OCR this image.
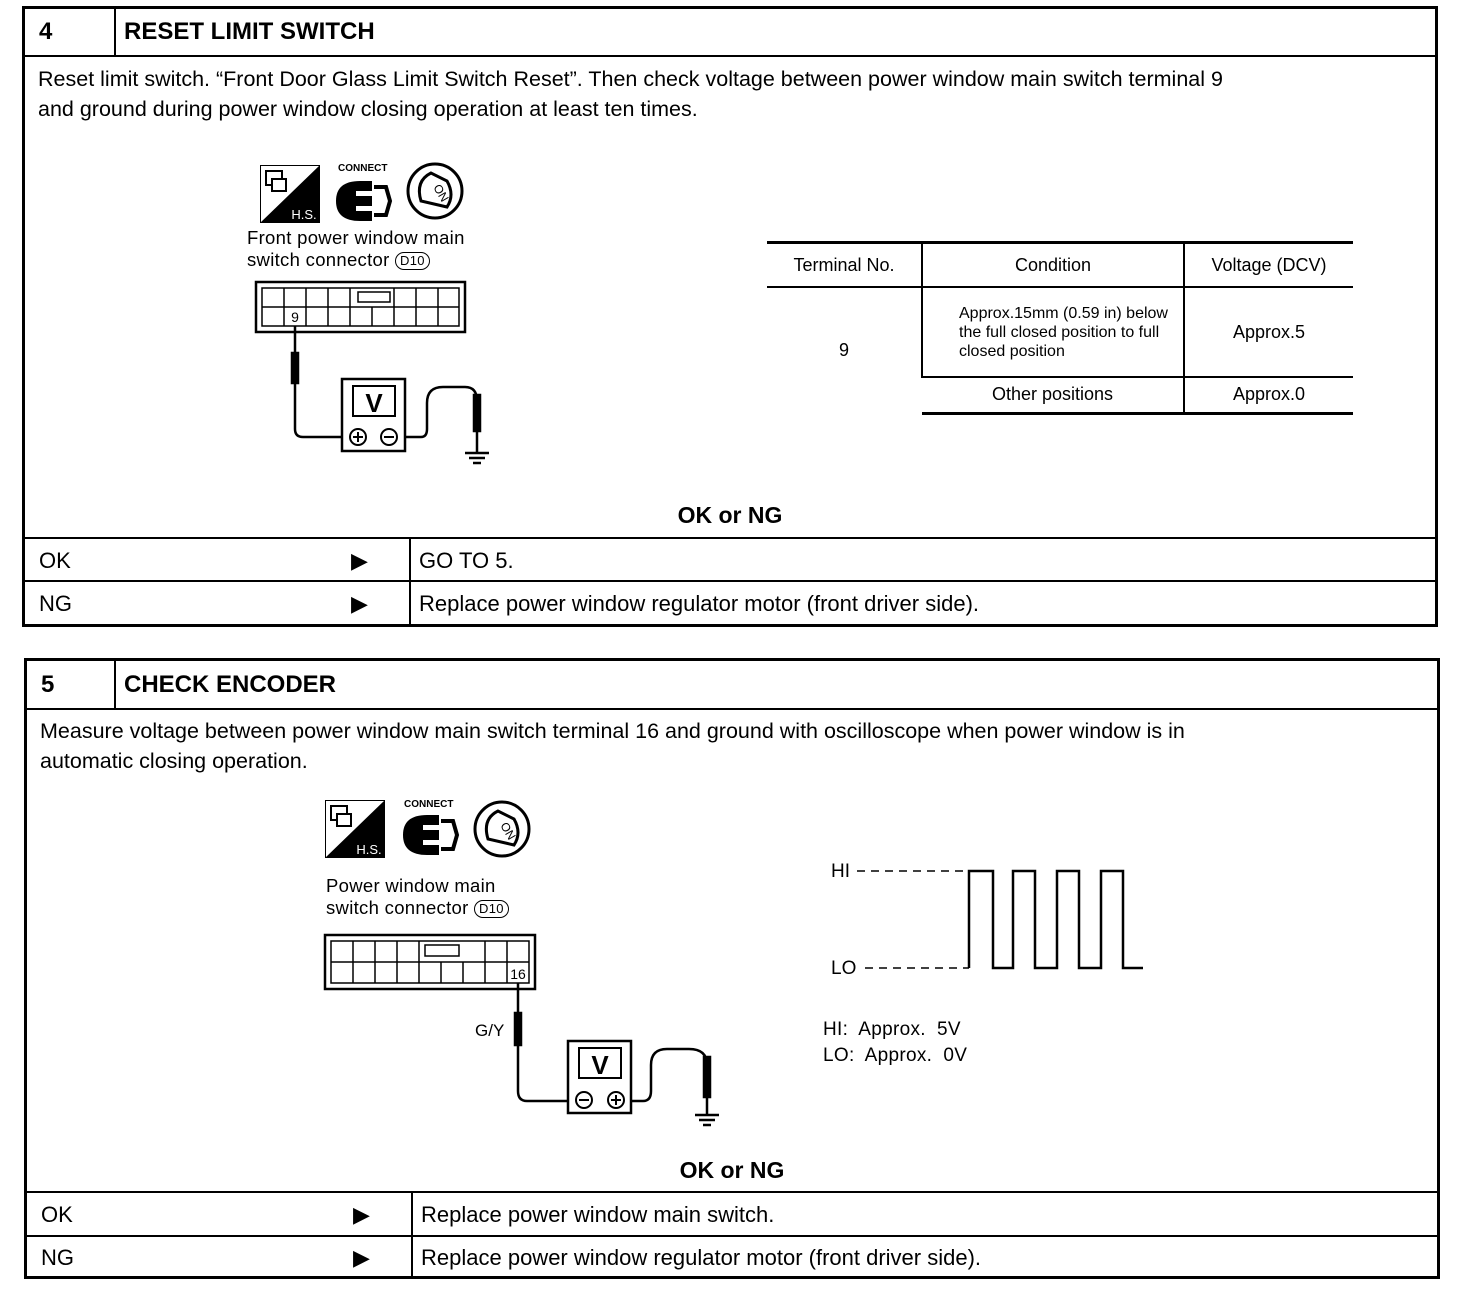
4	RESET LIMIT SWITCH
Reset limit switch. “Front Door Glass Limit Switch Reset”. Then check voltage between power window main switch terminal 9
and ground during power window closing operation at least ten times.
H.S.
CONNECT
ON
Front power window main
switch connector D10
9
V
Terminal No.	Condition	Voltage (DCV)
9	Approx.15mm (0.59 in) below the full closed position to full closed position	Approx.5
	Other positions	Approx.0
OK or NG
OK	▶ GO TO 5.
NG	▶ Replace power window regulator motor (front driver side).
5	CHECK ENCODER
Measure voltage between power window main switch terminal 16 and ground with oscilloscope when power window is in
automatic closing operation.
H.S.
CONNECT
ON
Power window main
switch connector D10
16
G/Y
V
HI
LO
HI:  Approx.  5V
LO:  Approx.  0V
OK or NG
OK	▶ Replace power window main switch.
NG	▶ Replace power window regulator motor (front driver side).
